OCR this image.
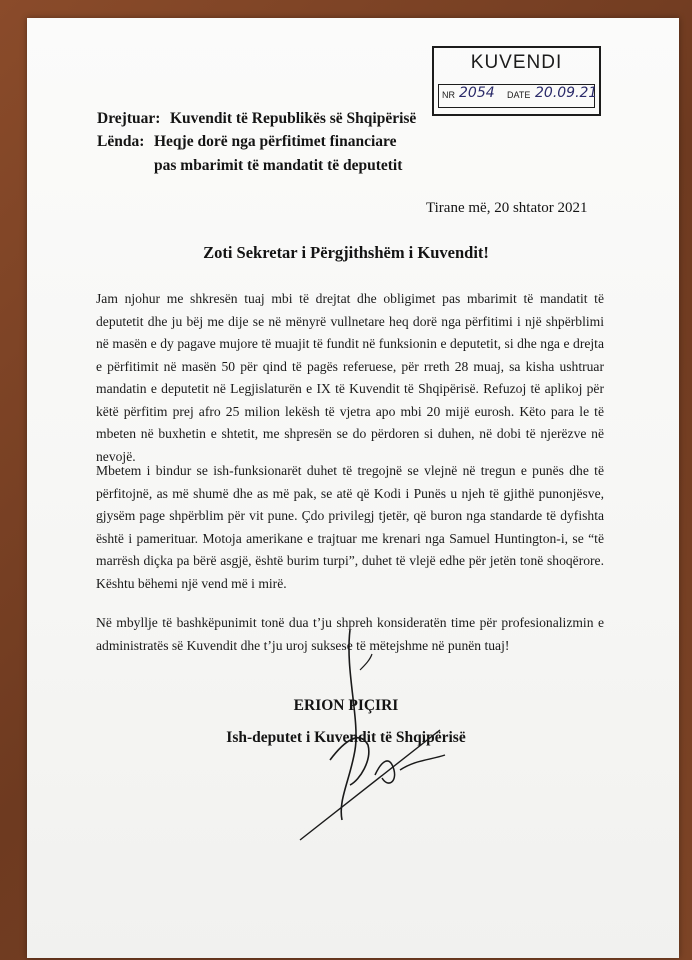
KUVENDI
NR 2054 DATE 20.09.21
Drejtuar: Kuvendit të Republikës së Shqipërisë
Lënda: Heqje dorë nga përfitimet financiare
pas mbarimit të mandatit të deputetit
Tirane më, 20 shtator 2021
Zoti Sekretar i Përgjithshëm i Kuvendit!
Jam njohur me shkresën tuaj mbi të drejtat dhe obligimet pas mbarimit të mandatit të deputetit dhe ju bëj me dije se në mënyrë vullnetare heq dorë nga përfitimi i një shpërblimi në masën e dy pagave mujore të muajit të fundit në funksionin e deputetit, si dhe nga e drejta e përfitimit në masën 50 për qind të pagës referuese, për rreth 28 muaj, sa kisha ushtruar mandatin e deputetit në Legjislaturën e IX të Kuvendit të Shqipërisë. Refuzoj të aplikoj për këtë përfitim prej afro 25 milion lekësh të vjetra apo mbi 20 mijë eurosh. Këto para le të mbeten në buxhetin e shtetit, me shpresën se do përdoren si duhen, në dobi të njerëzve në nevojë.
Mbetem i bindur se ish-funksionarët duhet të tregojnë se vlejnë në tregun e punës dhe të përfitojnë, as më shumë dhe as më pak, se atë që Kodi i Punës u njeh të gjithë punonjësve, gjysëm page shpërblim për vit pune. Çdo privilegj tjetër, që buron nga standarde të dyfishta është i pamerituar. Motoja amerikane e trajtuar me krenari nga Samuel Huntington-i, se “të marrësh diçka pa bërë asgjë, është burim turpi”, duhet të vlejë edhe për jetën tonë shoqërore. Kështu bëhemi një vend më i mirë.
Në mbyllje të bashkëpunimit tonë dua t’ju shpreh konsideratën time për profesionalizmin e administratës së Kuvendit dhe t’ju uroj suksese të mëtejshme në punën tuaj!
ERION PIÇIRI
Ish-deputet i Kuvendit të Shqipërisë
